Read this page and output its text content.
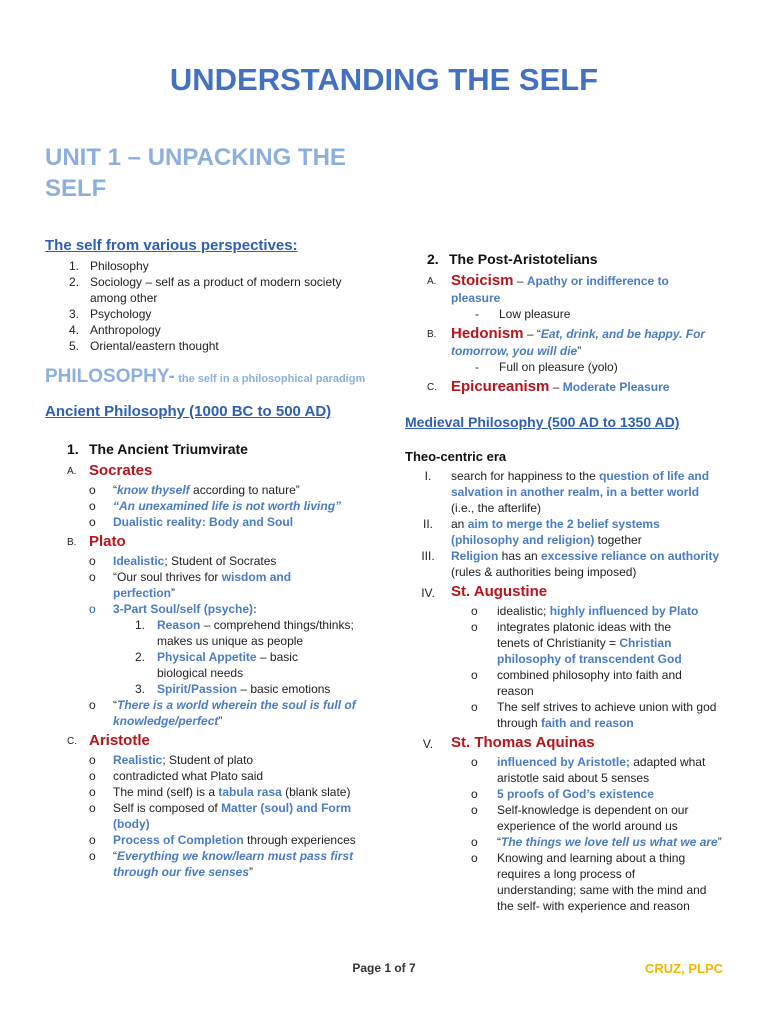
UNDERSTANDING THE SELF
UNIT 1 – UNPACKING THE SELF
The self from various perspectives:
1. Philosophy
2. Sociology – self as a product of modern society among other
3. Psychology
4. Anthropology
5. Oriental/eastern thought
PHILOSOPHY- the self in a philosophical paradigm
Ancient Philosophy (1000 BC to 500 AD)
1. The Ancient Triumvirate
A. Socrates
o	“know thyself according to nature”
o	“An unexamined life is not worth living”
o	Dualistic reality: Body and Soul
B. Plato
o	Idealistic; Student of Socrates
o	“Our soul thrives for wisdom and perfection”
o	3-Part Soul/self (psyche):
1. Reason – comprehend things/thinks; makes us unique as people
2. Physical Appetite – basic biological needs
3. Spirit/Passion – basic emotions
o	“There is a world wherein the soul is full of knowledge/perfect”
C. Aristotle
o	Realistic; Student of plato
o	contradicted what Plato said
o	The mind (self) is a tabula rasa (blank slate)
o	Self is composed of Matter (soul) and Form (body)
o	Process of Completion through experiences
o	“Everything we know/learn must pass first through our five senses”
2. The Post-Aristotelians
A. Stoicism – Apathy or indifference to pleasure
-	Low pleasure
B. Hedonism – “Eat, drink, and be happy. For tomorrow, you will die”
-	Full on pleasure (yolo)
C. Epicureanism – Moderate Pleasure
Medieval Philosophy (500 AD to 1350 AD)
Theo-centric era
I.	search for happiness to the question of life and salvation in another realm, in a better world (i.e., the afterlife)
II.	an aim to merge the 2 belief systems (philosophy and religion) together
III.	Religion has an excessive reliance on authority (rules & authorities being imposed)
IV.	St. Augustine
o	idealistic; highly influenced by Plato
o	integrates platonic ideas with the tenets of Christianity = Christian philosophy of transcendent God
o	combined philosophy into faith and reason
o	The self strives to achieve union with god through faith and reason
V.	St. Thomas Aquinas
o	influenced by Aristotle; adapted what aristotle said about 5 senses
o	5 proofs of God’s existence
o	Self-knowledge is dependent on our experience of the world around us
o	“The things we love tell us what we are”
o	Knowing and learning about a thing requires a long process of understanding; same with the mind and the self- with experience and reason
Page 1 of 7	CRUZ, PLPC
